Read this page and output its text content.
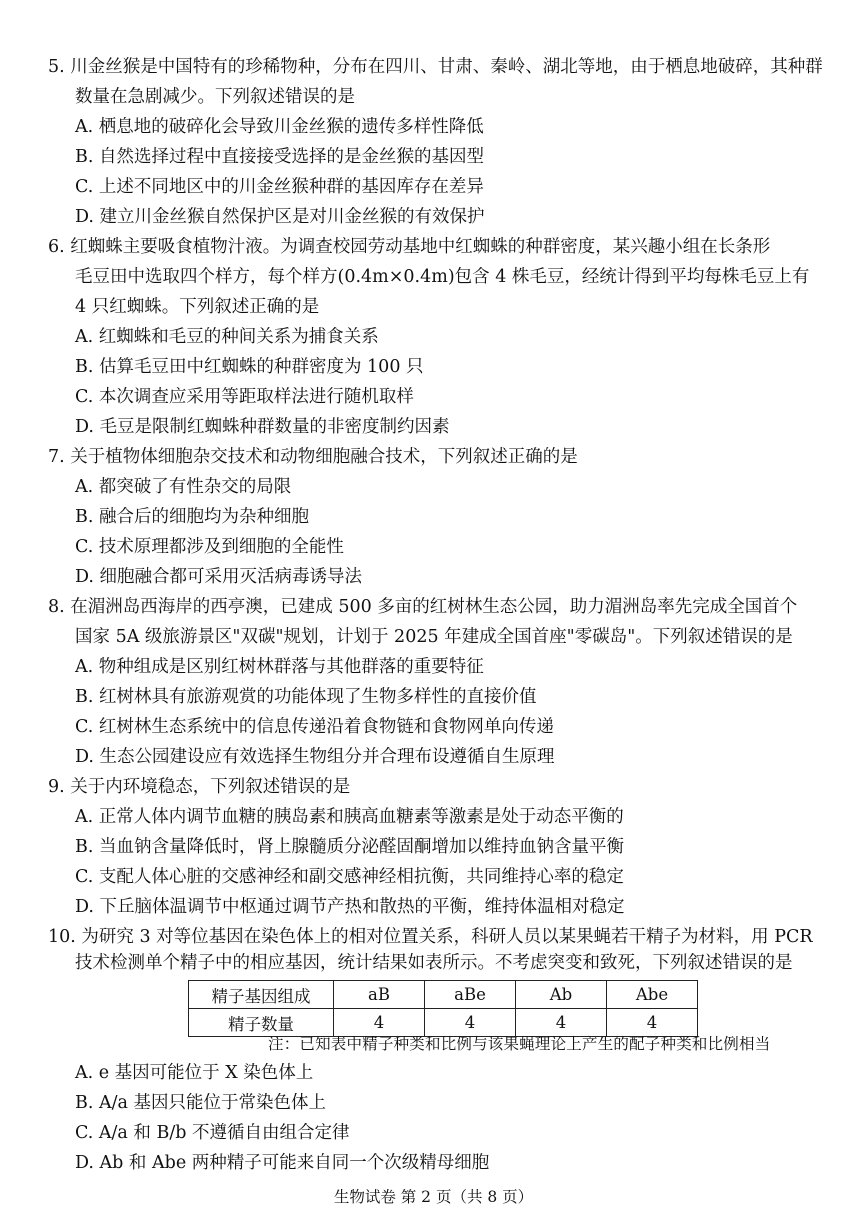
5. 川金丝猴是中国特有的珍稀物种，分布在四川、甘肃、秦岭、湖北等地，由于栖息地破碎，其种群
数量在急剧减少。下列叙述错误的是
A. 栖息地的破碎化会导致川金丝猴的遗传多样性降低
B. 自然选择过程中直接接受选择的是金丝猴的基因型
C. 上述不同地区中的川金丝猴种群的基因库存在差异
D. 建立川金丝猴自然保护区是对川金丝猴的有效保护
6. 红蜘蛛主要吸食植物汁液。为调查校园劳动基地中红蜘蛛的种群密度，某兴趣小组在长条形
毛豆田中选取四个样方，每个样方(0.4m×0.4m)包含 4 株毛豆，经统计得到平均每株毛豆上有
4 只红蜘蛛。下列叙述正确的是
A. 红蜘蛛和毛豆的种间关系为捕食关系
B. 估算毛豆田中红蜘蛛的种群密度为 100 只
C. 本次调查应采用等距取样法进行随机取样
D. 毛豆是限制红蜘蛛种群数量的非密度制约因素
7. 关于植物体细胞杂交技术和动物细胞融合技术，下列叙述正确的是
A. 都突破了有性杂交的局限
B. 融合后的细胞均为杂种细胞
C. 技术原理都涉及到细胞的全能性
D. 细胞融合都可采用灭活病毒诱导法
8. 在湄洲岛西海岸的西亭澳，已建成 500 多亩的红树林生态公园，助力湄洲岛率先完成全国首个
国家 5A 级旅游景区"双碳"规划，计划于 2025 年建成全国首座"零碳岛"。下列叙述错误的是
A. 物种组成是区别红树林群落与其他群落的重要特征
B. 红树林具有旅游观赏的功能体现了生物多样性的直接价值
C. 红树林生态系统中的信息传递沿着食物链和食物网单向传递
D. 生态公园建设应有效选择生物组分并合理布设遵循自生原理
9. 关于内环境稳态，下列叙述错误的是
A. 正常人体内调节血糖的胰岛素和胰高血糖素等激素是处于动态平衡的
B. 当血钠含量降低时，肾上腺髓质分泌醛固酮增加以维持血钠含量平衡
C. 支配人体心脏的交感神经和副交感神经相抗衡，共同维持心率的稳定
D. 下丘脑体温调节中枢通过调节产热和散热的平衡，维持体温相对稳定
10. 为研究 3 对等位基因在染色体上的相对位置关系，科研人员以某果蝇若干精子为材料，用 PCR
技术检测单个精子中的相应基因，统计结果如表所示。不考虑突变和致死，下列叙述错误的是
精子基因组成	aB	aBe	Ab	Abe
精子数量	4	4	4	4
注：已知表中精子种类和比例与该果蝇理论上产生的配子种类和比例相当
A. e 基因可能位于 X 染色体上
B. A/a 基因只能位于常染色体上
C. A/a 和 B/b 不遵循自由组合定律
D. Ab 和 Abe 两种精子可能来自同一个次级精母细胞
生物试卷 第 2 页（共 8 页）
